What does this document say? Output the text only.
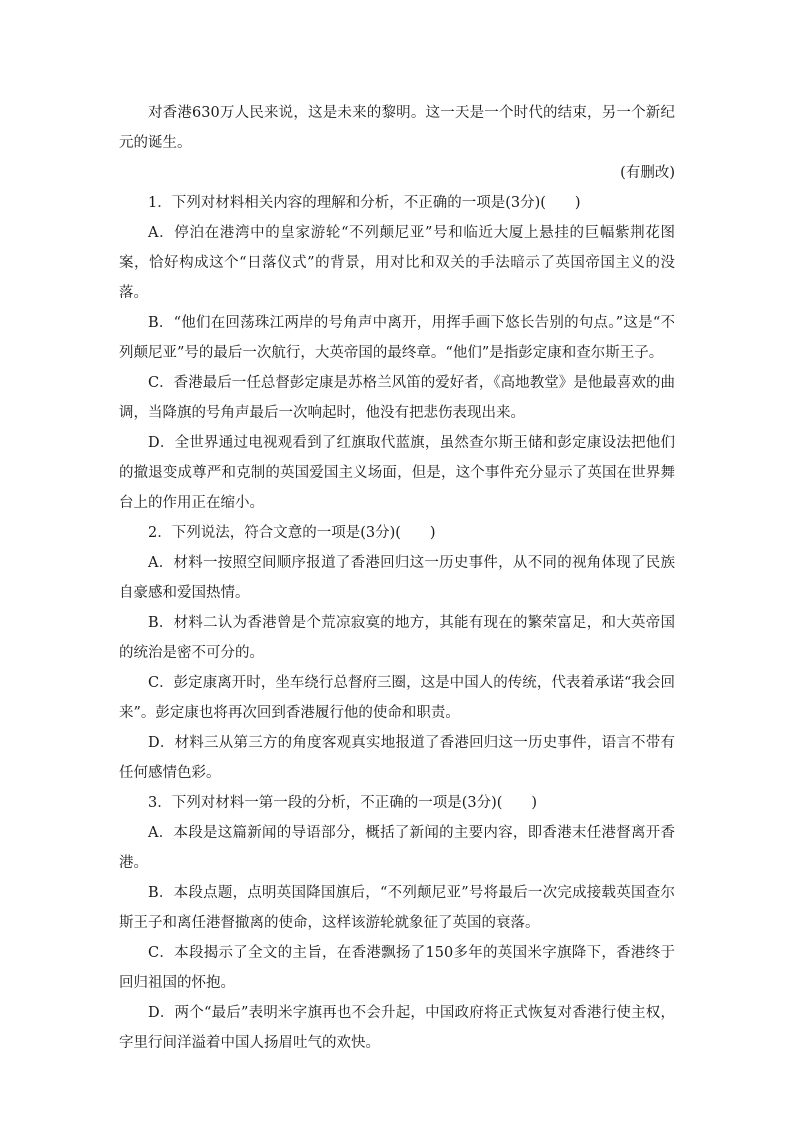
对香港630万人民来说，这是未来的黎明。这一天是一个时代的结束，另一个新纪元的诞生。

(有删改)

1．下列对材料相关内容的理解和分析，不正确的一项是(3分)(　　)

A．停泊在港湾中的皇家游轮“不列颠尼亚”号和临近大厦上悬挂的巨幅紫荆花图案，恰好构成这个“日落仪式”的背景，用对比和双关的手法暗示了英国帝国主义的没落。

B．“他们在回荡珠江两岸的号角声中离开，用挥手画下悠长告别的句点。”这是“不列颠尼亚”号的最后一次航行，大英帝国的最终章。“他们”是指彭定康和查尔斯王子。

C．香港最后一任总督彭定康是苏格兰风笛的爱好者，《高地教堂》是他最喜欢的曲调，当降旗的号角声最后一次响起时，他没有把悲伤表现出来。

D．全世界通过电视观看到了红旗取代蓝旗，虽然查尔斯王储和彭定康设法把他们的撤退变成尊严和克制的英国爱国主义场面，但是，这个事件充分显示了英国在世界舞台上的作用正在缩小。

2．下列说法，符合文意的一项是(3分)(　　)

A．材料一按照空间顺序报道了香港回归这一历史事件，从不同的视角体现了民族自豪感和爱国热情。

B．材料二认为香港曾是个荒凉寂寞的地方，其能有现在的繁荣富足，和大英帝国的统治是密不可分的。

C．彭定康离开时，坐车绕行总督府三圈，这是中国人的传统，代表着承诺“我会回来”。彭定康也将再次回到香港履行他的使命和职责。

D．材料三从第三方的角度客观真实地报道了香港回归这一历史事件，语言不带有任何感情色彩。

3．下列对材料一第一段的分析，不正确的一项是(3分)(　　)

A．本段是这篇新闻的导语部分，概括了新闻的主要内容，即香港末任港督离开香港。

B．本段点题，点明英国降国旗后，“不列颠尼亚”号将最后一次完成接载英国查尔斯王子和离任港督撤离的使命，这样该游轮就象征了英国的衰落。

C．本段揭示了全文的主旨，在香港飘扬了150多年的英国米字旗降下，香港终于回归祖国的怀抱。

D．两个“最后”表明米字旗再也不会升起，中国政府将正式恢复对香港行使主权，字里行间洋溢着中国人扬眉吐气的欢快。
